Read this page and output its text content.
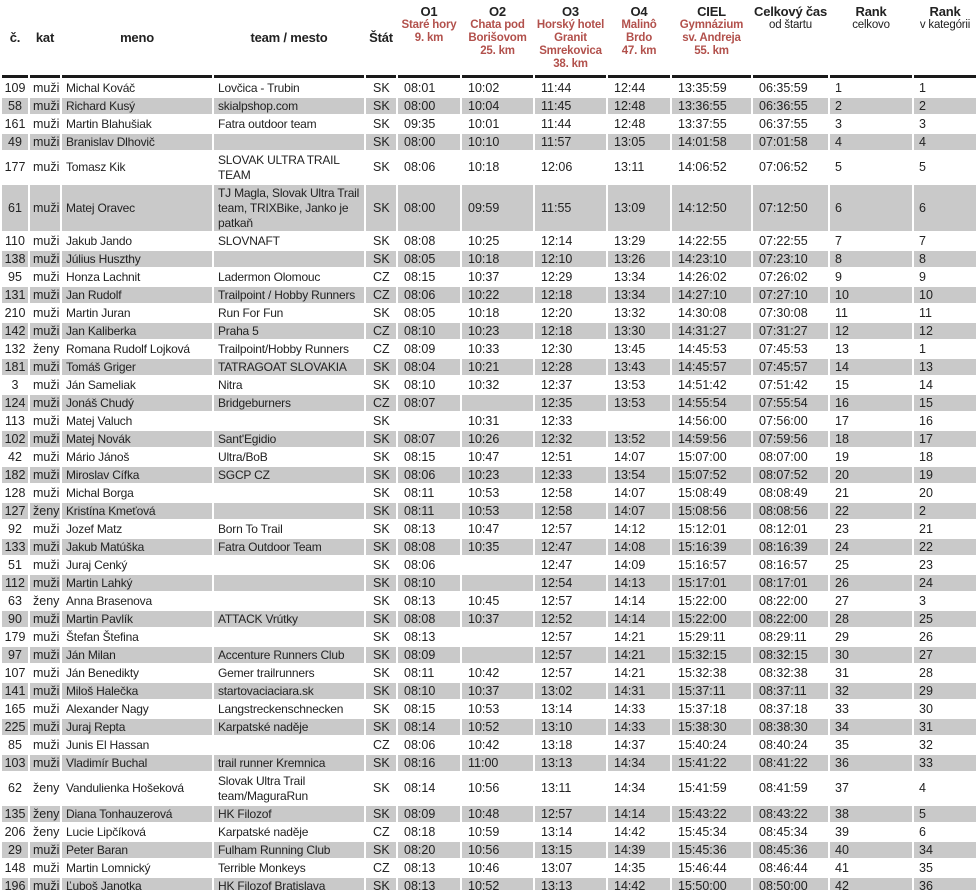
č.	kat	meno	team / mesto	Štát

O1
Staré hory
9. km

O2
Chata pod Borišovom
25. km

O3
Horský hotel Granit Smrekovica
38. km

O4
Malinô Brdo
47. km

CIEL
Gymnázium sv. Andreja
55. km

Celkový čas
od štartu

Rank
celkovo

Rank
v kategórii

109	muži	Michal Kováč	Lovčica - Trubin	SK	08:01	10:02	11:44	12:44	13:35:59	06:35:59	1	1
58	muži	Richard Kusý	skialpshop.com	SK	08:00	10:04	11:45	12:48	13:36:55	06:36:55	2	2
161	muži	Martin Blahušiak	Fatra outdoor team	SK	09:35	10:01	11:44	12:48	13:37:55	06:37:55	3	3
49	muži	Branislav Dlhovič		SK	08:00	10:10	11:57	13:05	14:01:58	07:01:58	4	4
177	muži	Tomasz Kik	SLOVAK ULTRA TRAIL TEAM	SK	08:06	10:18	12:06	13:11	14:06:52	07:06:52	5	5
61	muži	Matej Oravec	TJ Magla, Slovak Ultra Trail team, TRIXBike, Janko je patkaň	SK	08:00	09:59	11:55	13:09	14:12:50	07:12:50	6	6
110	muži	Jakub Jando	SLOVNAFT	SK	08:08	10:25	12:14	13:29	14:22:55	07:22:55	7	7
138	muži	Július Huszthy		SK	08:05	10:18	12:10	13:26	14:23:10	07:23:10	8	8
95	muži	Honza Lachnit	Ladermon Olomouc	CZ	08:15	10:37	12:29	13:34	14:26:02	07:26:02	9	9
131	muži	Jan Rudolf	Trailpoint / Hobby Runners	CZ	08:06	10:22	12:18	13:34	14:27:10	07:27:10	10	10
210	muži	Martin Juran	Run For Fun	SK	08:05	10:18	12:20	13:32	14:30:08	07:30:08	11	11
142	muži	Jan Kaliberka	Praha 5	CZ	08:10	10:23	12:18	13:30	14:31:27	07:31:27	12	12
132	ženy	Romana Rudolf Lojková	Trailpoint/Hobby Runners	CZ	08:09	10:33	12:30	13:45	14:45:53	07:45:53	13	1
181	muži	Tomáš Griger	TATRAGOAT SLOVAKIA	SK	08:04	10:21	12:28	13:43	14:45:57	07:45:57	14	13
3	muži	Ján Sameliak	Nitra	SK	08:10	10:32	12:37	13:53	14:51:42	07:51:42	15	14
124	muži	Jonáš Chudý	Bridgeburners	CZ	08:07		12:35	13:53	14:55:54	07:55:54	16	15
113	muži	Matej Valuch		SK		10:31	12:33		14:56:00	07:56:00	17	16
102	muži	Matej Novák	Sant'Egidio	SK	08:07	10:26	12:32	13:52	14:59:56	07:59:56	18	17
42	muži	Mário Jánoš	Ultra/BoB	SK	08:15	10:47	12:51	14:07	15:07:00	08:07:00	19	18
182	muži	Miroslav Cífka	SGCP CZ	SK	08:06	10:23	12:33	13:54	15:07:52	08:07:52	20	19
128	muži	Michal Borga		SK	08:11	10:53	12:58	14:07	15:08:49	08:08:49	21	20
127	ženy	Kristína Kmeťová		SK	08:11	10:53	12:58	14:07	15:08:56	08:08:56	22	2
92	muži	Jozef Matz	Born To Trail	SK	08:13	10:47	12:57	14:12	15:12:01	08:12:01	23	21
133	muži	Jakub Matúška	Fatra Outdoor Team	SK	08:08	10:35	12:47	14:08	15:16:39	08:16:39	24	22
51	muži	Juraj Cenký		SK	08:06		12:47	14:09	15:16:57	08:16:57	25	23
112	muži	Martin Lahký		SK	08:10		12:54	14:13	15:17:01	08:17:01	26	24
63	ženy	Anna Brasenova		SK	08:13	10:45	12:57	14:14	15:22:00	08:22:00	27	3
90	muži	Martin Pavlík	ATTACK Vrútky	SK	08:08	10:37	12:52	14:14	15:22:00	08:22:00	28	25
179	muži	Štefan Štefina		SK	08:13		12:57	14:21	15:29:11	08:29:11	29	26
97	muži	Ján Milan	Accenture Runners Club	SK	08:09		12:57	14:21	15:32:15	08:32:15	30	27
107	muži	Ján Benedikty	Gemer trailrunners	SK	08:11	10:42	12:57	14:21	15:32:38	08:32:38	31	28
141	muži	Miloš Halečka	startovaciaciara.sk	SK	08:10	10:37	13:02	14:31	15:37:11	08:37:11	32	29
165	muži	Alexander Nagy	Langstreckenschnecken	SK	08:15	10:53	13:14	14:33	15:37:18	08:37:18	33	30
225	muži	Juraj Repta	Karpatské naděje	SK	08:14	10:52	13:10	14:33	15:38:30	08:38:30	34	31
85	muži	Junis El Hassan		CZ	08:06	10:42	13:18	14:37	15:40:24	08:40:24	35	32
103	muži	Vladimír Buchal	trail runner Kremnica	SK	08:16	11:00	13:13	14:34	15:41:22	08:41:22	36	33
62	ženy	Vandulienka Hošeková	Slovak Ultra Trail team/MaguraRun	SK	08:14	10:56	13:11	14:34	15:41:59	08:41:59	37	4
135	ženy	Diana Tonhauzerová	HK Filozof	SK	08:09	10:48	12:57	14:14	15:43:22	08:43:22	38	5
206	ženy	Lucie Lipčíková	Karpatské naděje	CZ	08:18	10:59	13:14	14:42	15:45:34	08:45:34	39	6
29	muži	Peter Baran	Fulham Running Club	SK	08:20	10:56	13:15	14:39	15:45:36	08:45:36	40	34
148	muži	Martin Lomnický	Terrible Monkeys	CZ	08:13	10:46	13:07	14:35	15:46:44	08:46:44	41	35
196	muži	Ľuboš Janotka	HK Filozof Bratislava	SK	08:13	10:52	13:13	14:42	15:50:00	08:50:00	42	36
